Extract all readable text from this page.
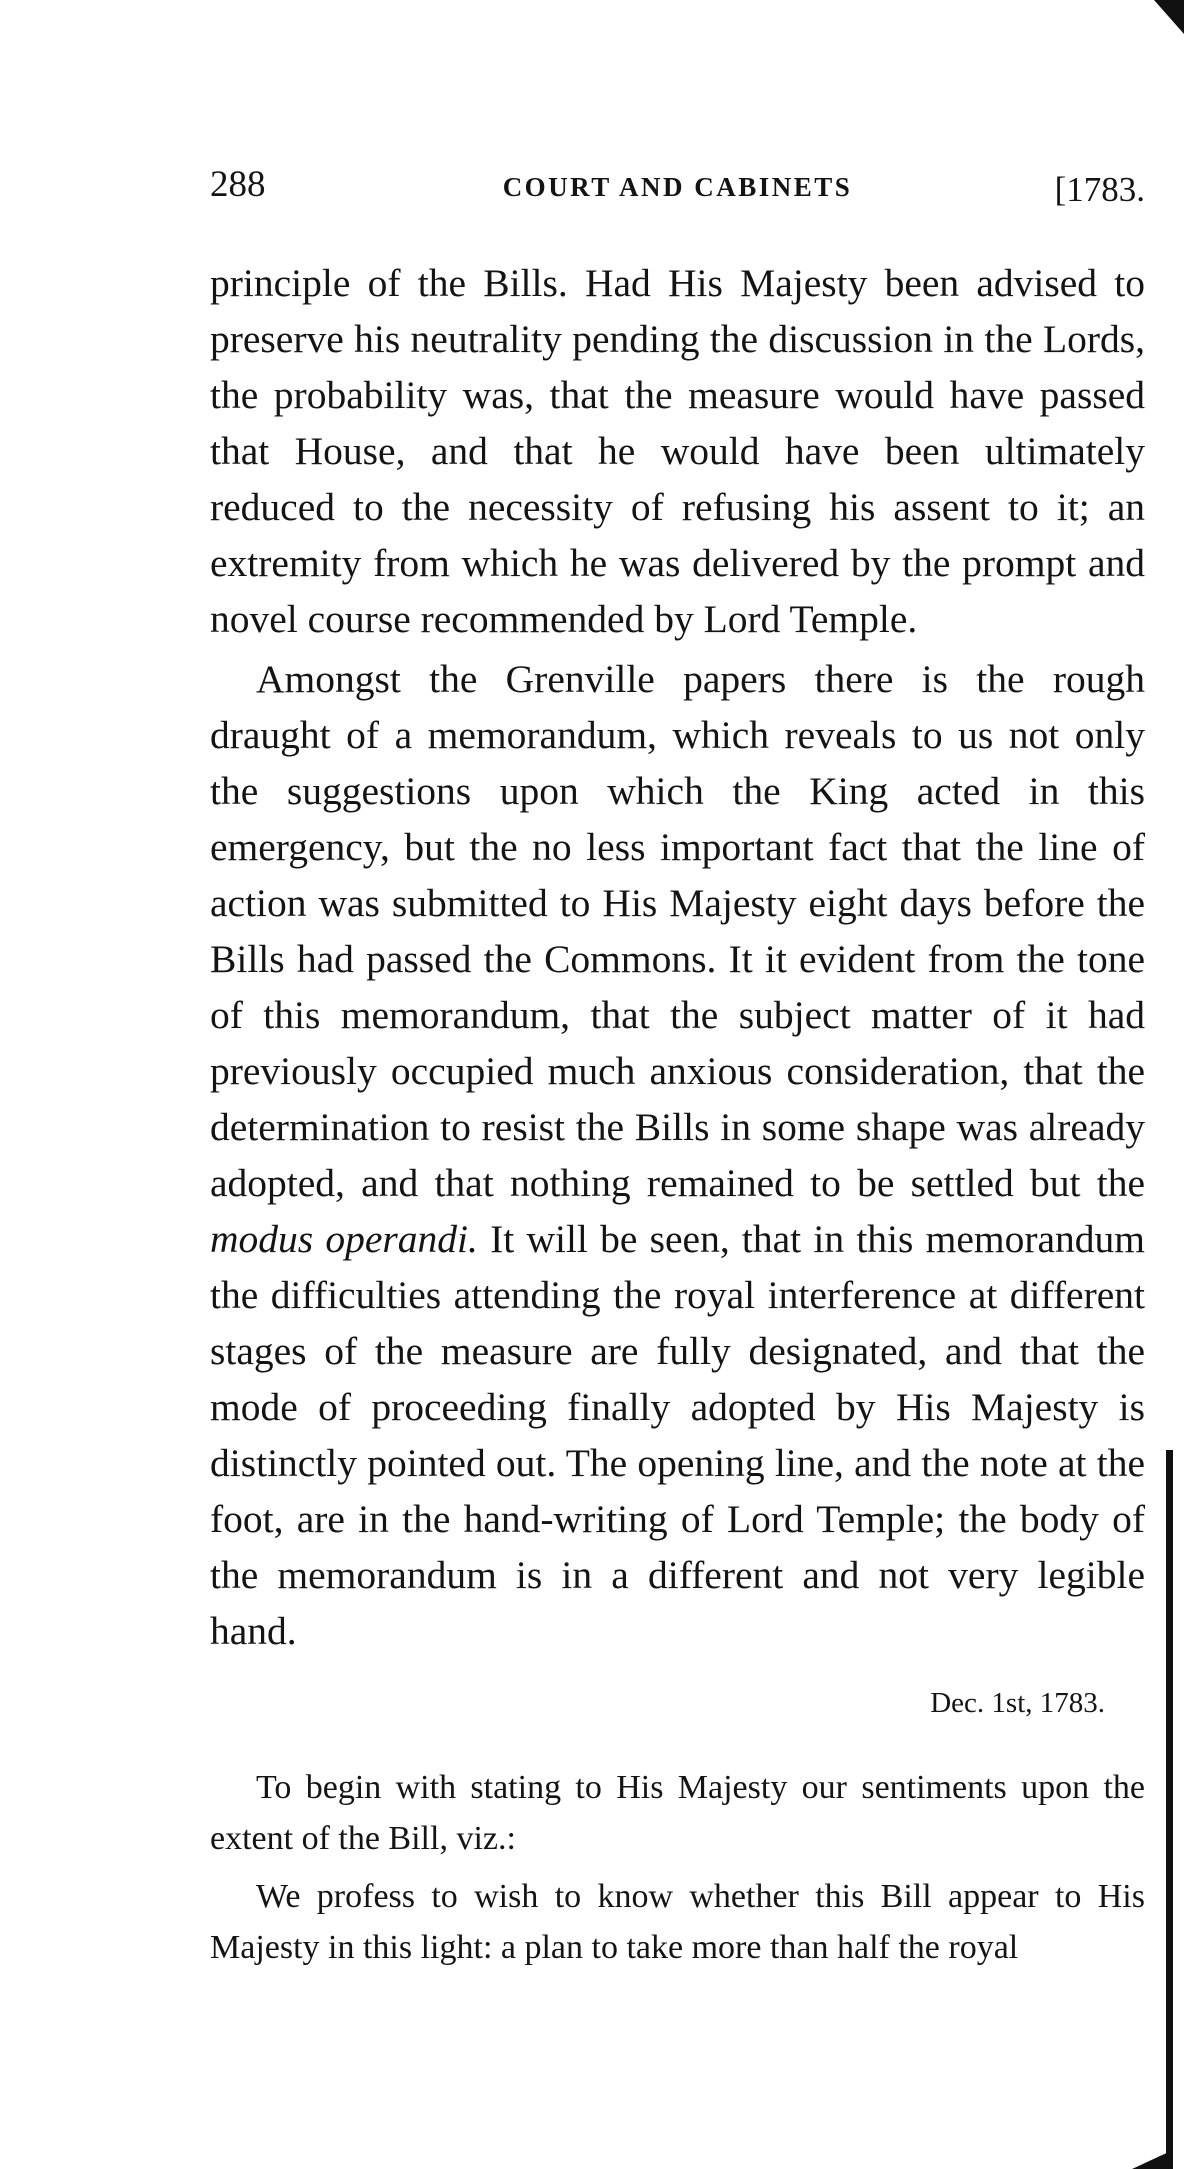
288	COURT AND CABINETS	[1783.

principle of the Bills. Had His Majesty been advised to preserve his neutrality pending the discussion in the Lords, the probability was, that the measure would have passed that House, and that he would have been ultimately reduced to the necessity of refusing his assent to it; an extremity from which he was delivered by the prompt and novel course recommended by Lord Temple.

Amongst the Grenville papers there is the rough draught of a memorandum, which reveals to us not only the suggestions upon which the King acted in this emergency, but the no less important fact that the line of action was submitted to His Majesty eight days before the Bills had passed the Commons. It it evident from the tone of this memorandum, that the subject matter of it had previously occupied much anxious consideration, that the determination to resist the Bills in some shape was already adopted, and that nothing remained to be settled but the modus operandi. It will be seen, that in this memorandum the difficulties attending the royal interference at different stages of the measure are fully designated, and that the mode of proceeding finally adopted by His Majesty is distinctly pointed out. The opening line, and the note at the foot, are in the hand-writing of Lord Temple; the body of the memorandum is in a different and not very legible hand.

Dec. 1st, 1783.

To begin with stating to His Majesty our sentiments upon the extent of the Bill, viz.:

We profess to wish to know whether this Bill appear to His Majesty in this light: a plan to take more than half the royal
